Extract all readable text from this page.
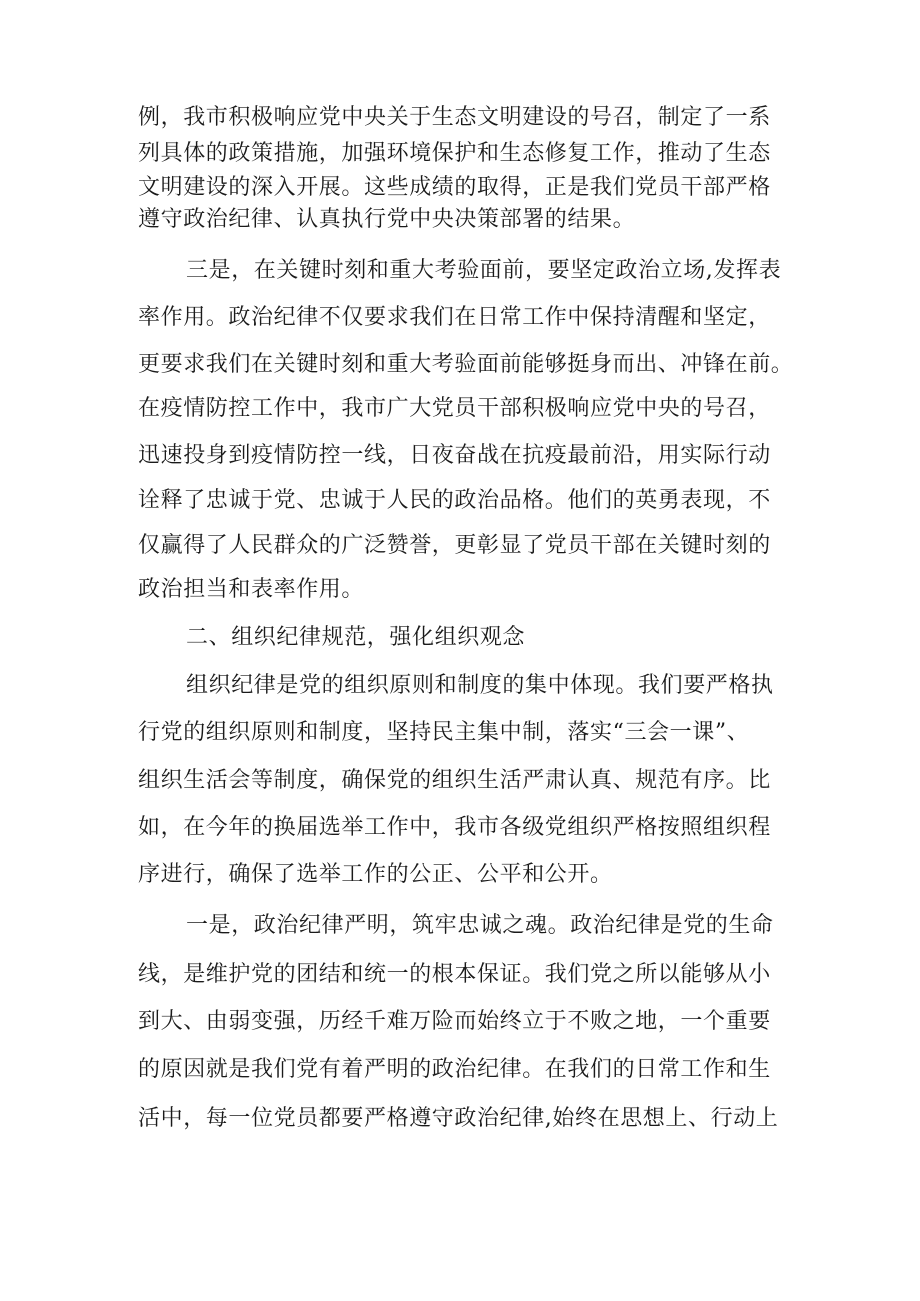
例，我市积极响应党中央关于生态文明建设的号召，制定了一系
列具体的政策措施，加强环境保护和生态修复工作，推动了生态
文明建设的深入开展。这些成绩的取得，正是我们党员干部严格
遵守政治纪律、认真执行党中央决策部署的结果。
三是，在关键时刻和重大考验面前，要坚定政治立场,发挥表
率作用。政治纪律不仅要求我们在日常工作中保持清醒和坚定，
更要求我们在关键时刻和重大考验面前能够挺身而出、冲锋在前。
在疫情防控工作中，我市广大党员干部积极响应党中央的号召，
迅速投身到疫情防控一线，日夜奋战在抗疫最前沿，用实际行动
诠释了忠诚于党、忠诚于人民的政治品格。他们的英勇表现，不
仅赢得了人民群众的广泛赞誉，更彰显了党员干部在关键时刻的
政治担当和表率作用。
二、组织纪律规范，强化组织观念
组织纪律是党的组织原则和制度的集中体现。我们要严格执
行党的组织原则和制度，坚持民主集中制，落实“三会一课”、
组织生活会等制度，确保党的组织生活严肃认真、规范有序。比
如，在今年的换届选举工作中，我市各级党组织严格按照组织程
序进行，确保了选举工作的公正、公平和公开。
一是，政治纪律严明，筑牢忠诚之魂。政治纪律是党的生命
线，是维护党的团结和统一的根本保证。我们党之所以能够从小
到大、由弱变强，历经千难万险而始终立于不败之地，一个重要
的原因就是我们党有着严明的政治纪律。在我们的日常工作和生
活中，每一位党员都要严格遵守政治纪律,始终在思想上、行动上
